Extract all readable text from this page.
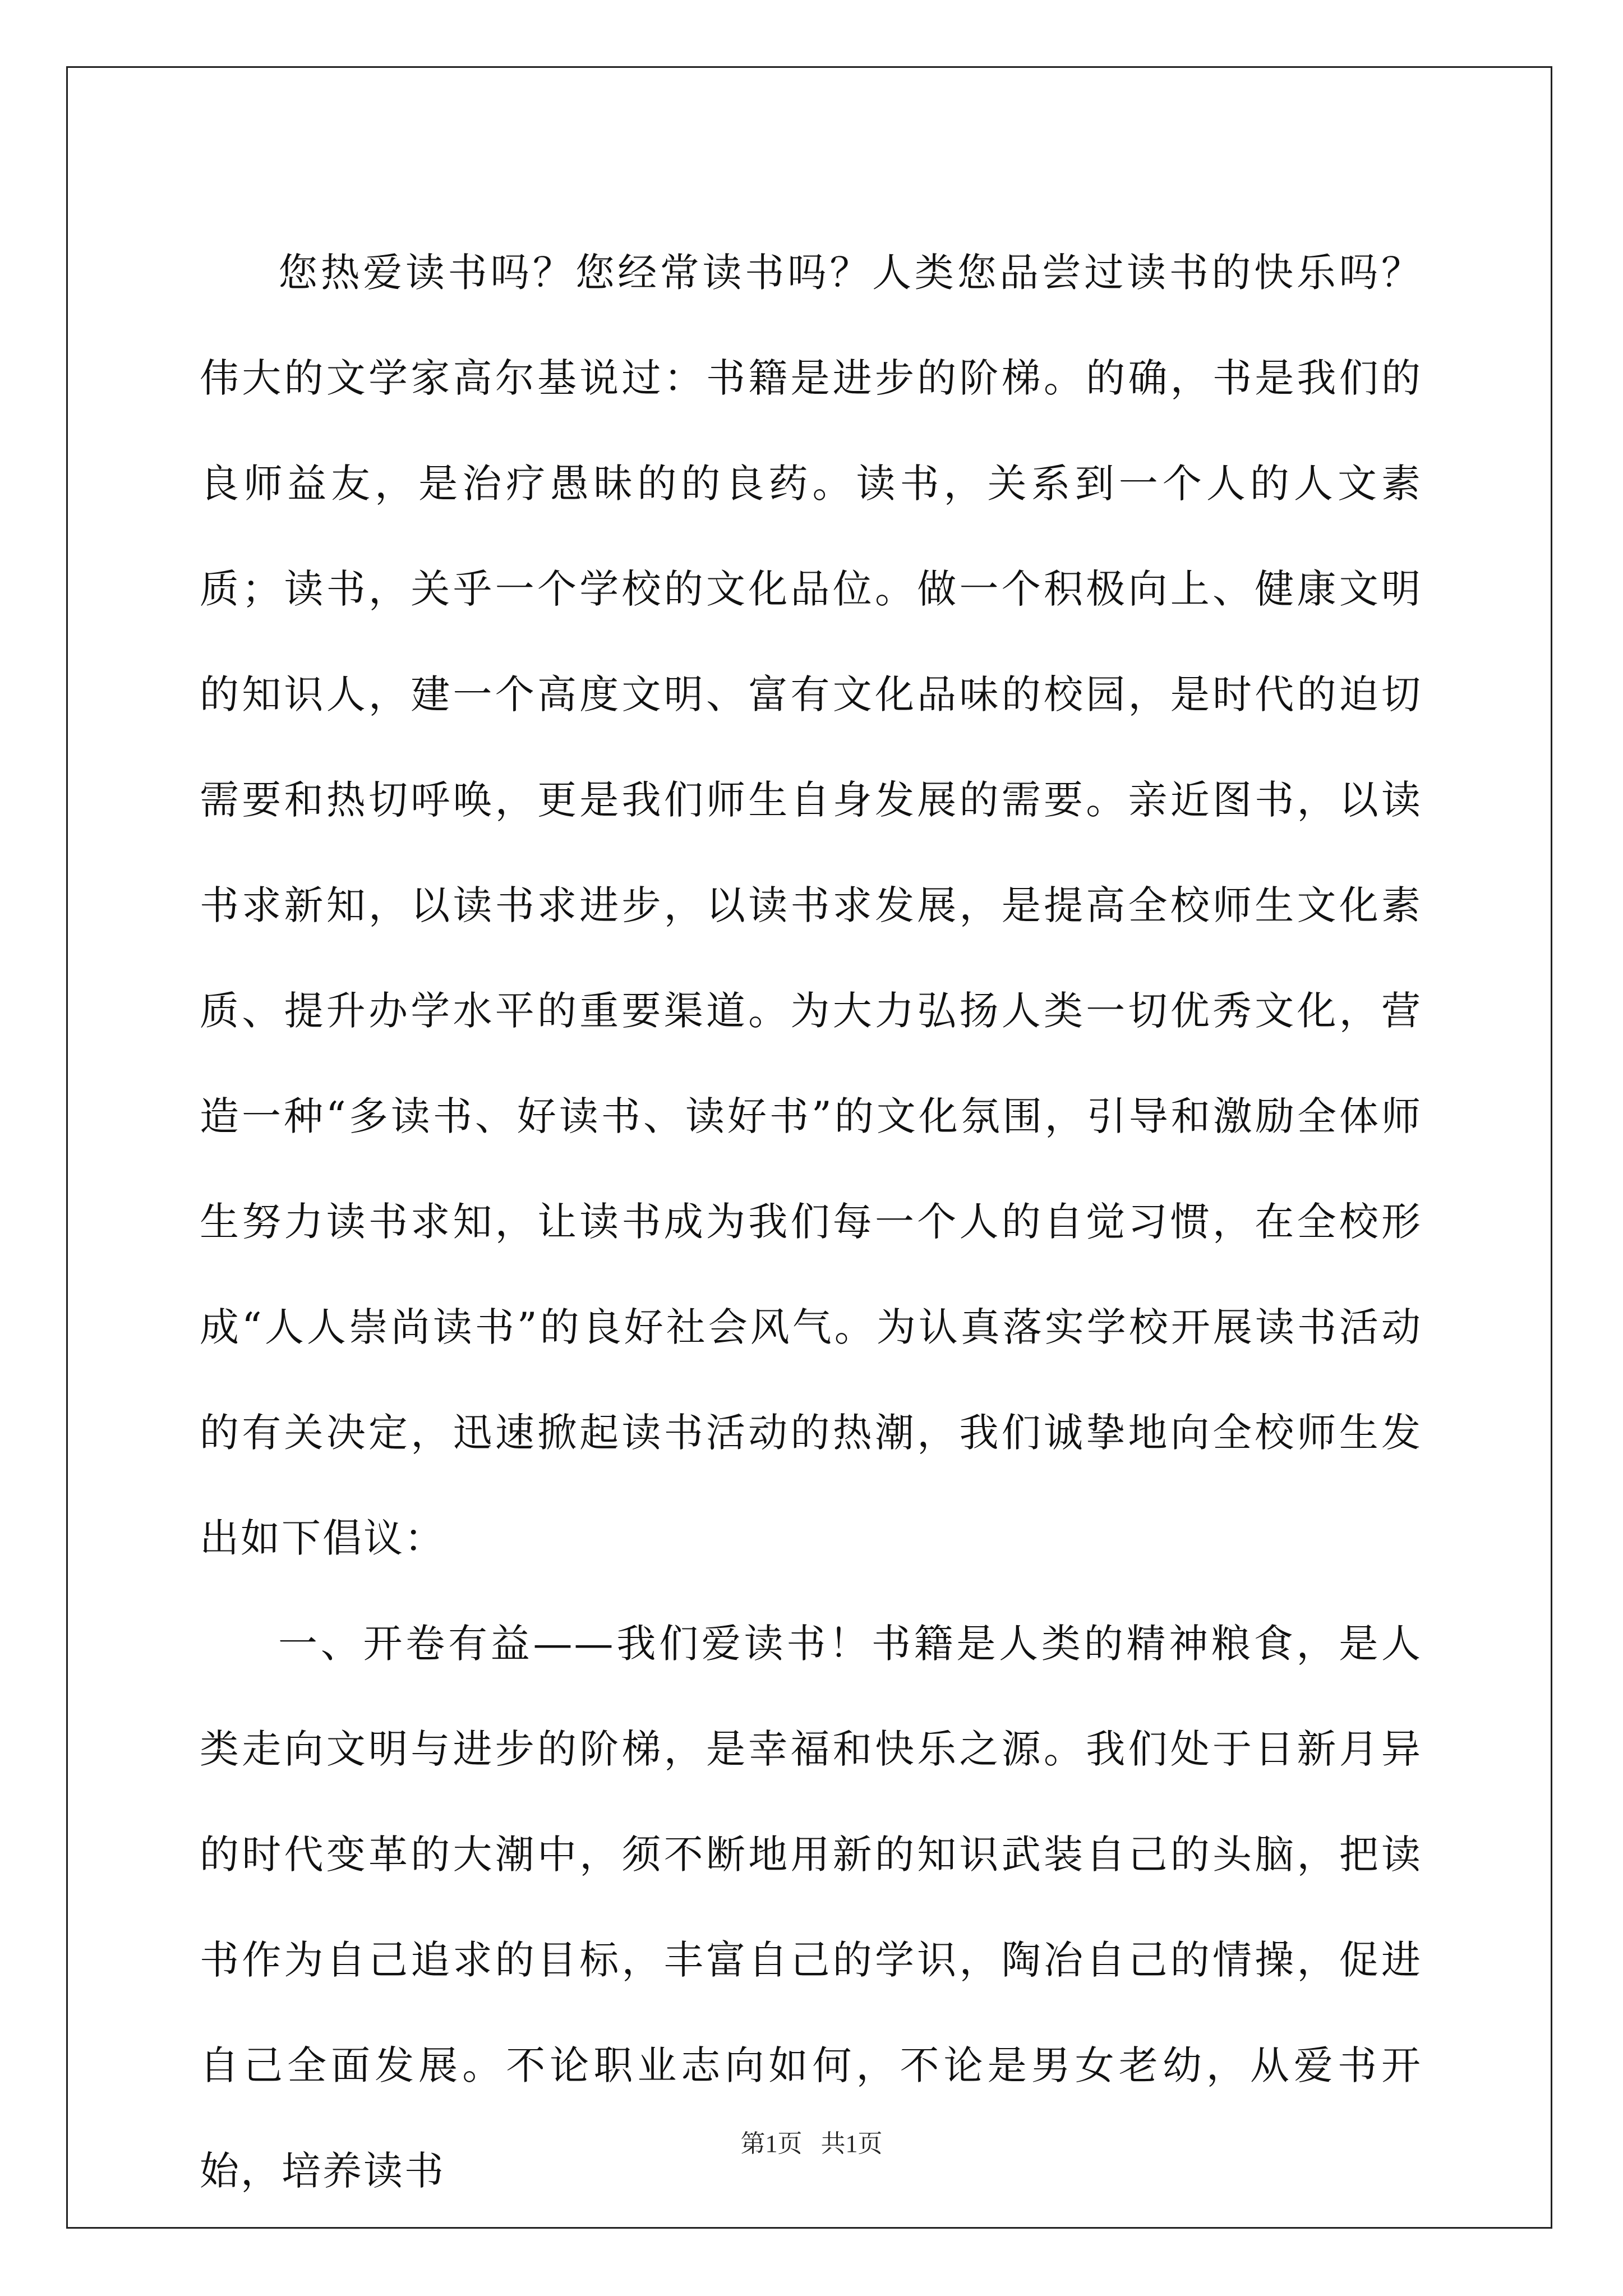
您热爱读书吗？您经常读书吗？人类您品尝过读书的快乐吗？伟大的文学家高尔基说过：书籍是进步的阶梯。的确，书是我们的良师益友，是治疗愚昧的的良药。读书，关系到一个人的人文素质；读书，关乎一个学校的文化品位。做一个积极向上、健康文明的知识人，建一个高度文明、富有文化品味的校园，是时代的迫切需要和热切呼唤，更是我们师生自身发展的需要。亲近图书，以读书求新知，以读书求进步，以读书求发展，是提高全校师生文化素质、提升办学水平的重要渠道。为大力弘扬人类一切优秀文化，营造一种“多读书、好读书、读好书”的文化氛围，引导和激励全体师生努力读书求知，让读书成为我们每一个人的自觉习惯，在全校形成“人人崇尚读书”的良好社会风气。为认真落实学校开展读书活动的有关决定，迅速掀起读书活动的热潮，我们诚挚地向全校师生发出如下倡议：

一、开卷有益——我们爱读书！书籍是人类的精神粮食，是人类走向文明与进步的阶梯，是幸福和快乐之源。我们处于日新月异的时代变革的大潮中，须不断地用新的知识武装自己的头脑，把读书作为自己追求的目标，丰富自己的学识，陶冶自己的情操，促进自己全面发展。不论职业志向如何，不论是男女老幼，从爱书开始，培养读书

第1页   共1页
